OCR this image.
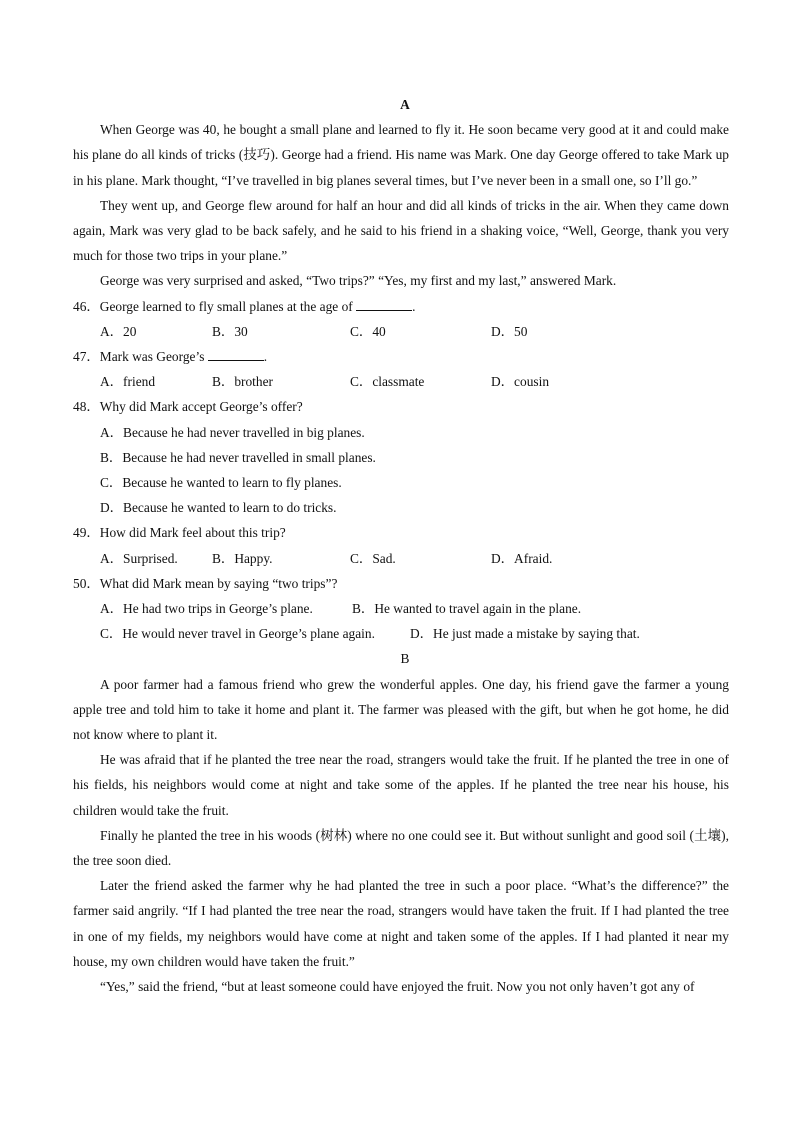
A

When George was 40, he bought a small plane and learned to fly it. He soon became very good at it and could make his plane do all kinds of tricks (技巧). George had a friend. His name was Mark. One day George offered to take Mark up in his plane. Mark thought, “I’ve travelled in big planes several times, but I’ve never been in a small one, so I’ll go.”

They went up, and George flew around for half an hour and did all kinds of tricks in the air. When they came down again, Mark was very glad to be back safely, and he said to his friend in a shaking voice, “Well, George, thank you very much for those two trips in your plane.”

George was very surprised and asked, “Two trips?” “Yes, my first and my last,” answered Mark.

46．George learned to fly small planes at the age of	.
A．20	B．30	C．40	D．50
47．Mark was George’s	.
A．friend	B．brother	C．classmate	D．cousin
48．Why did Mark accept George’s offer?
A．Because he had never travelled in big planes.
B．Because he had never travelled in small planes.
C．Because he wanted to learn to fly planes.
D．Because he wanted to learn to do tricks.
49．How did Mark feel about this trip?
A．Surprised.	B．Happy.	C．Sad.	D．Afraid.
50．What did Mark mean by saying “two trips”?
A．He had two trips in George’s plane.	B．He wanted to travel again in the plane.
C．He would never travel in George’s plane again.	D．He just made a mistake by saying that.
B

A poor farmer had a famous friend who grew the wonderful apples. One day, his friend gave the farmer a young apple tree and told him to take it home and plant it. The farmer was pleased with the gift, but when he got home, he did not know where to plant it.

He was afraid that if he planted the tree near the road, strangers would take the fruit. If he planted the tree in one of his fields, his neighbors would come at night and take some of the apples. If he planted the tree near his house, his children would take the fruit.

Finally he planted the tree in his woods (树林) where no one could see it. But without sunlight and good soil (土壤), the tree soon died.

Later the friend asked the farmer why he had planted the tree in such a poor place. “What’s the difference?” the farmer said angrily. “If I had planted the tree near the road, strangers would have taken the fruit. If I had planted the tree in one of my fields, my neighbors would have come at night and taken some of the apples. If I had planted it near my house, my own children would have taken the fruit.”

“Yes,” said the friend, “but at least someone could have enjoyed the fruit. Now you not only haven’t got any of
